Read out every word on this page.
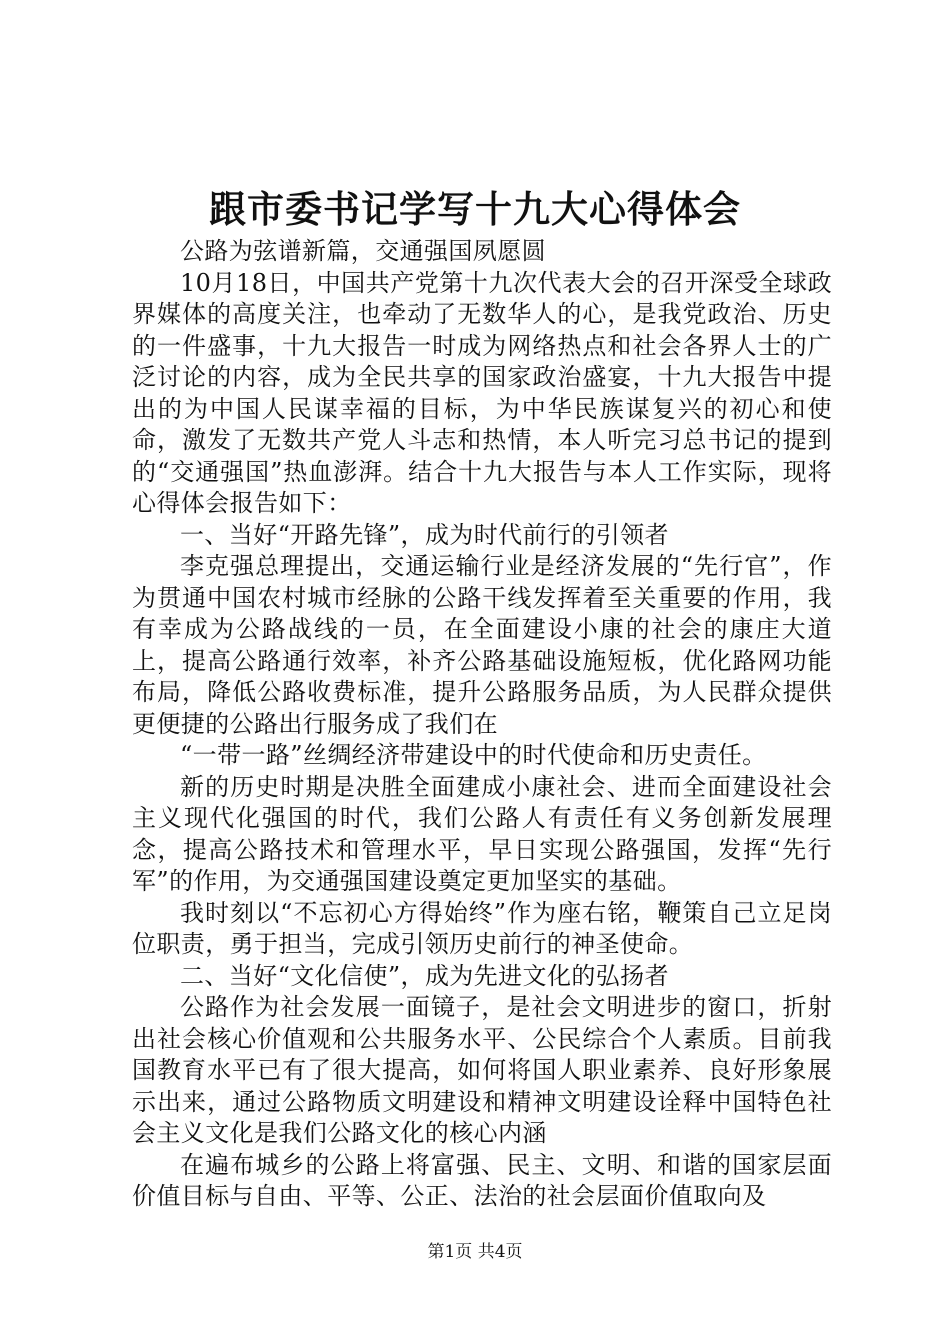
跟市委书记学写十九大心得体会

公路为弦谱新篇，交通强国夙愿圆

10月18日，中国共产党第十九次代表大会的召开深受全球政界媒体的高度关注，也牵动了无数华人的心，是我党政治、历史的一件盛事，十九大报告一时成为网络热点和社会各界人士的广泛讨论的内容，成为全民共享的国家政治盛宴，十九大报告中提出的为中国人民谋幸福的目标，为中华民族谋复兴的初心和使命，激发了无数共产党人斗志和热情，本人听完习总书记的提到的“交通强国”热血澎湃。结合十九大报告与本人工作实际，现将心得体会报告如下：

一、当好“开路先锋”，成为时代前行的引领者

李克强总理提出，交通运输行业是经济发展的“先行官”，作为贯通中国农村城市经脉的公路干线发挥着至关重要的作用，我有幸成为公路战线的一员，在全面建设小康的社会的康庄大道上，提高公路通行效率，补齐公路基础设施短板，优化路网功能布局，降低公路收费标准，提升公路服务品质，为人民群众提供更便捷的公路出行服务成了我们在

“一带一路”丝绸经济带建设中的时代使命和历史责任。

新的历史时期是决胜全面建成小康社会、进而全面建设社会主义现代化强国的时代，我们公路人有责任有义务创新发展理念，提高公路技术和管理水平，早日实现公路强国，发挥“先行军”的作用，为交通强国建设奠定更加坚实的基础。

我时刻以“不忘初心方得始终”作为座右铭，鞭策自己立足岗位职责，勇于担当，完成引领历史前行的神圣使命。

二、当好“文化信使”，成为先进文化的弘扬者

公路作为社会发展一面镜子，是社会文明进步的窗口，折射出社会核心价值观和公共服务水平、公民综合个人素质。目前我国教育水平已有了很大提高，如何将国人职业素养、良好形象展示出来，通过公路物质文明建设和精神文明建设诠释中国特色社会主义文化是我们公路文化的核心内涵

在遍布城乡的公路上将富强、民主、文明、和谐的国家层面价值目标与自由、平等、公正、法治的社会层面价值取向及

第1页 共4页
